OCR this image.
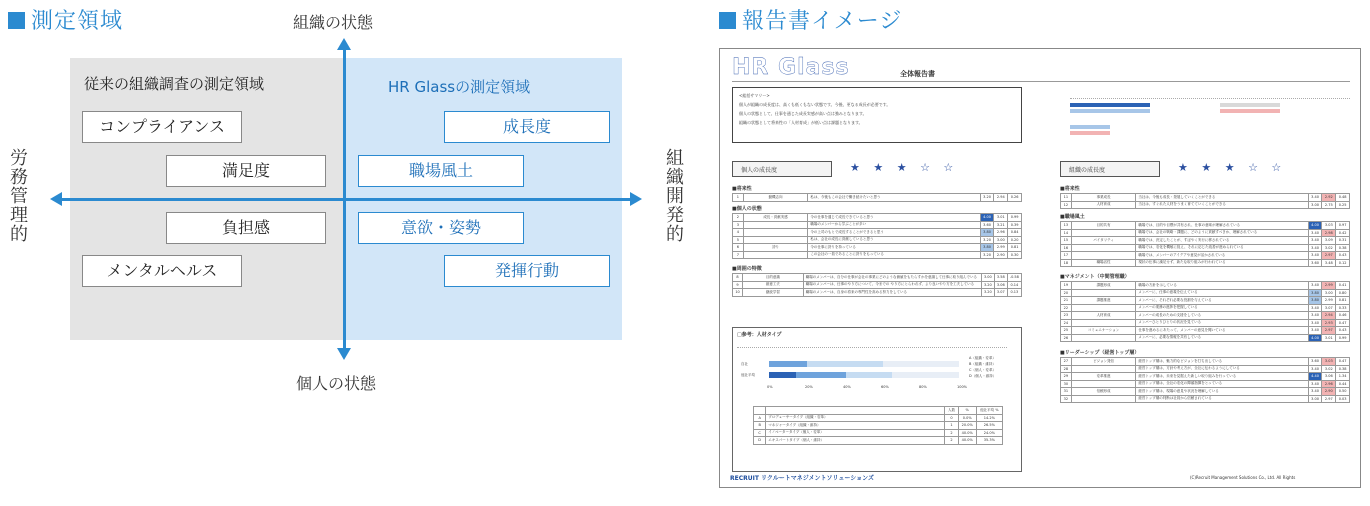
測定領域
従来の組織調査の測定領域	HR Glassの測定領域
組織の状態
個人の状態
労務管理的	組織開発的
コンプライアンス
満足度
負担感
メンタルヘルス
成長度
職場風土
意欲・姿勢
発揮行動
報告書イメージ
HR Glass	全体報告書
<総括サマリー>
個人が組織の成長度は、高くも低くもない状態です。今後、更なる成長が必要です。
個人の状態として、仕事を通じた成長実感が高い点は強みとなります。
組織の状態として将来性の「人材育成」が低い点は課題となります。
個人の成長度	★ ★ ★ ☆ ☆	組織の成長度	★ ★ ★ ☆ ☆
■将来性
1	動機志向	私は、今後もこの会社で働き続けたいと思う	3.20	2.94	0.26
■個人の状態
2	成長・貢献実感	今の仕事を通じて成長できていると思う	4.00	3.01	0.99
3		職場のメンバーから学ぶことが多い	3.60	3.21	0.39
4		今の上司のもとで成長することができると思う	3.80	2.96	0.84
5		私は、会社の成長に貢献していると思う	3.20	3.00	0.20
6	誇り	今の仕事に誇りを持っている	3.80	2.99	0.81
7		この会社の一員であることに誇りをもっている	3.20	2.90	0.30
■周囲の特徴
8	目的意識	職場のメンバーは、自分の仕事が会社の事業にどのような価値をもたらすかを意識して仕事に取り組んでいる	3.00	3.58	-0.58
9	創意工夫	職場のメンバーは、仕事のやり方について、今までの やり方にとらわれず、より良いやり方を工夫している	3.20	3.06	0.14
10	継続学習	職場のメンバーは、自身の将来の専門性を高める努力をしている	3.20	3.07	0.13
■将来性
11	事業成長	当社は、今後も成長・発展していくことができる	3.40	2.92	0.48
12	人材育成	当社は、すぐれた人材をうまく育てていくことができる	3.00	2.75	0.25
■職場風土
13	目的共有	職場では、目的や目標が共有され、仕事の意味が理解されている	4.00	3.03	0.97
14		職場では、会社の戦略・課題に、どのように貢献すべきか、理解されている	3.40	2.98	0.42
15	バイタリティ	職場では、決定したことが、すばやく実行に移されている	3.40	3.09	0.31
16		職場では、変化を機敏に捉え、それに応じた改善が進められている	3.40	3.02	0.38
17		職場では、メンバーのアイデアや意見が活かされている	3.40	2.97	0.43
18	職場活性	現状の仕事に満足せず、新たな取り組みが行われている	3.60	3.48	0.12
■マネジメント（中間管理職）
19	課題形成	職場の方針を示している	3.40	2.99	0.41
20		メンバーに、仕事の意義を伝えている	3.80	3.00	0.80
21	課題推進	メンバーに、それぞれ必要な役割を与えている	3.80	2.99	0.81
22		メンバーの業務の進捗を把握している	3.40	3.07	0.33
23	人材育成	メンバーの成長のための支援をしている	3.40	2.94	0.46
24		メンバーひとりひとりの状況を見ている	3.40	2.93	0.47
25	コミュニケーション	仕事を進めるにあたって、メンバーの意見を聞いている	3.40	2.97	0.43
26		メンバーに、必要な情報を共有している	4.00	3.01	0.99
■リーダーシップ（経営トップ層）
27	ビジョン発信	経営トップ層は、魅力的なビジョンを打ち出している	3.60	3.03	0.47
28		経営トップ層は、方針や考え方が、全社に伝わるようにしている	3.40	3.02	0.38
29	変革推進	経営トップ層は、未来を見据えた新しい取り組みを行っている	4.40	3.06	1.34
30		経営トップ層は、全社の変化の陣頭指揮をとっている	3.40	2.96	0.44
31	信頼形成	経営トップ層は、現場の意見や状況を理解している	3.40	2.90	0.50
32		経営トップ層の判断は社員から信頼されている	3.00	2.97	0.03
□参考：人材タイプ
自社
他社平均
A（組織・変革）
B（組織・維持）
C（個人・変革）
D（個人・維持）
0%	20%	40%	60%	80%	100%
		人数	%	他社平均 %
A	プロデューサータイプ（組織・変革）	0	0.0%	14.2%
B	マネジャータイプ（組織・維持）	1	20.0%	26.5%
C	イノベータータイプ（個人・変革）	2	40.0%	24.0%
D	エキスパートタイプ（個人・維持）	2	40.0%	35.3%
RECRUIT リクルートマネジメントソリューションズ	(C)Recruit Management Solutions Co., Ltd. All Rights
